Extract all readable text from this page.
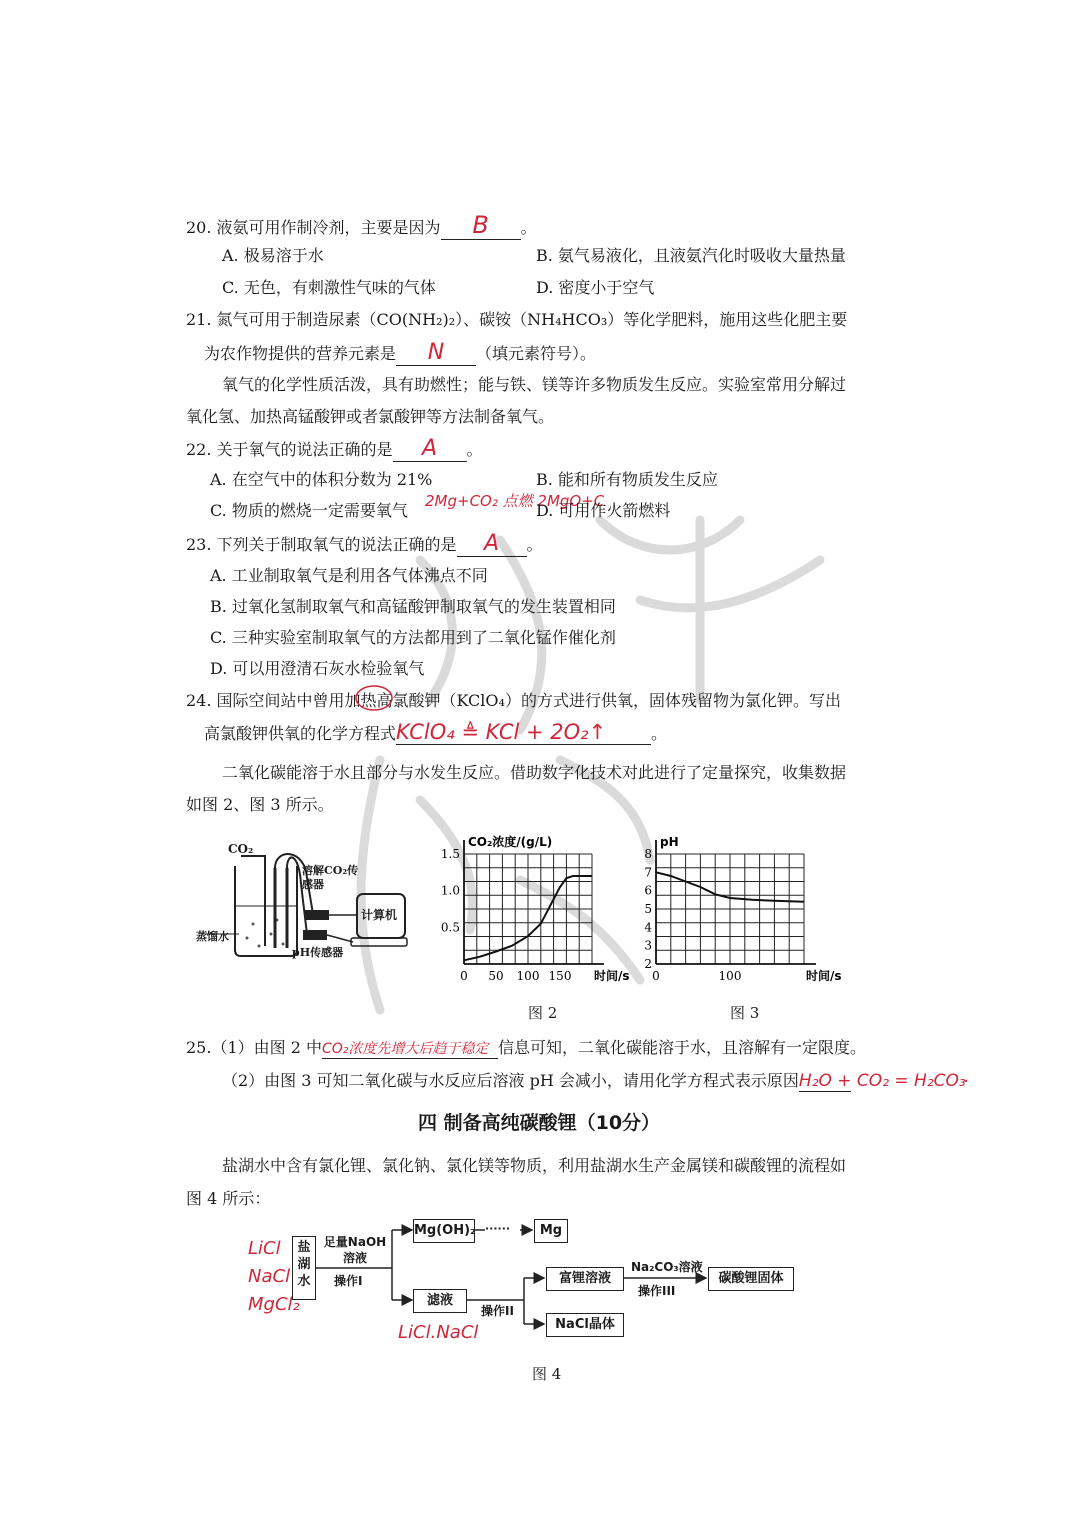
20. 液氨可用作制冷剂，主要是因为 B 。
A. 极易溶于水	B. 氨气易液化，且液氨汽化时吸收大量热量
C. 无色，有刺激性气味的气体	D. 密度小于空气
21. 氮气可用于制造尿素（CO(NH₂)₂）、碳铵（NH₄HCO₃）等化学肥料，施用这些化肥主要
为农作物提供的营养元素是 N （填元素符号）。
氧气的化学性质活泼，具有助燃性；能与铁、镁等许多物质发生反应。实验室常用分解过
氧化氢、加热高锰酸钾或者氯酸钾等方法制备氧气。
22. 关于氧气的说法正确的是 A 。
A. 在空气中的体积分数为 21%	B. 能和所有物质发生反应
C. 物质的燃烧一定需要氧气 2Mg+CO₂ 点燃 2MgO+C
D. 可用作火箭燃料
23. 下列关于制取氧气的说法正确的是 A 。
A. 工业制取氧气是利用各气体沸点不同
B. 过氧化氢制取氧气和高锰酸钾制取氧气的发生装置相同
C. 三种实验室制取氧气的方法都用到了二氧化锰作催化剂
D. 可以用澄清石灰水检验氧气
24. 国际空间站中曾用加热高氯酸钾（KClO₄）的方式进行供氧，固体残留物为氯化钾。写出
高氯酸钾供氧的化学方程式KClO₄ ≜ KCl + 2O₂↑	。
二氧化碳能溶于水且部分与水发生反应。借助数字化技术对此进行了定量探究，收集数据
如图 2、图 3 所示。
CO₂
溶解CO₂传感器
计算机
蒸馏水
pH传感器
0.5
1.0
1.5
0 50 100 150 时间/s
CO₂浓度/(g/L)
图 2
2
3
4
5
6
7
8
0	100	时间/s
pH
图 3
25.（1）由图 2 中CO₂浓度先增大后趋于稳定 信息可知，二氧化碳能溶于水，且溶解有一定限度。
（2）由图 3 可知二氧化碳与水反应后溶液 pH 会减小，请用化学方程式表示原因H₂O + CO₂ = H₂CO₃
.
四 制备高纯碳酸锂（10分）
盐湖水中含有氯化锂、氯化钠、氯化镁等物质，利用盐湖水生产金属镁和碳酸锂的流程如
图 4 所示：
盐湖水
足量NaOH溶液
操作I
Mg(OH)₂ ······	Mg
滤液
操作II
富锂溶液
Na₂CO₃溶液
操作III
碳酸锂固体
NaCl晶体
LiCl
NaCl
MgCl₂
LiCl.NaCl
图 4
